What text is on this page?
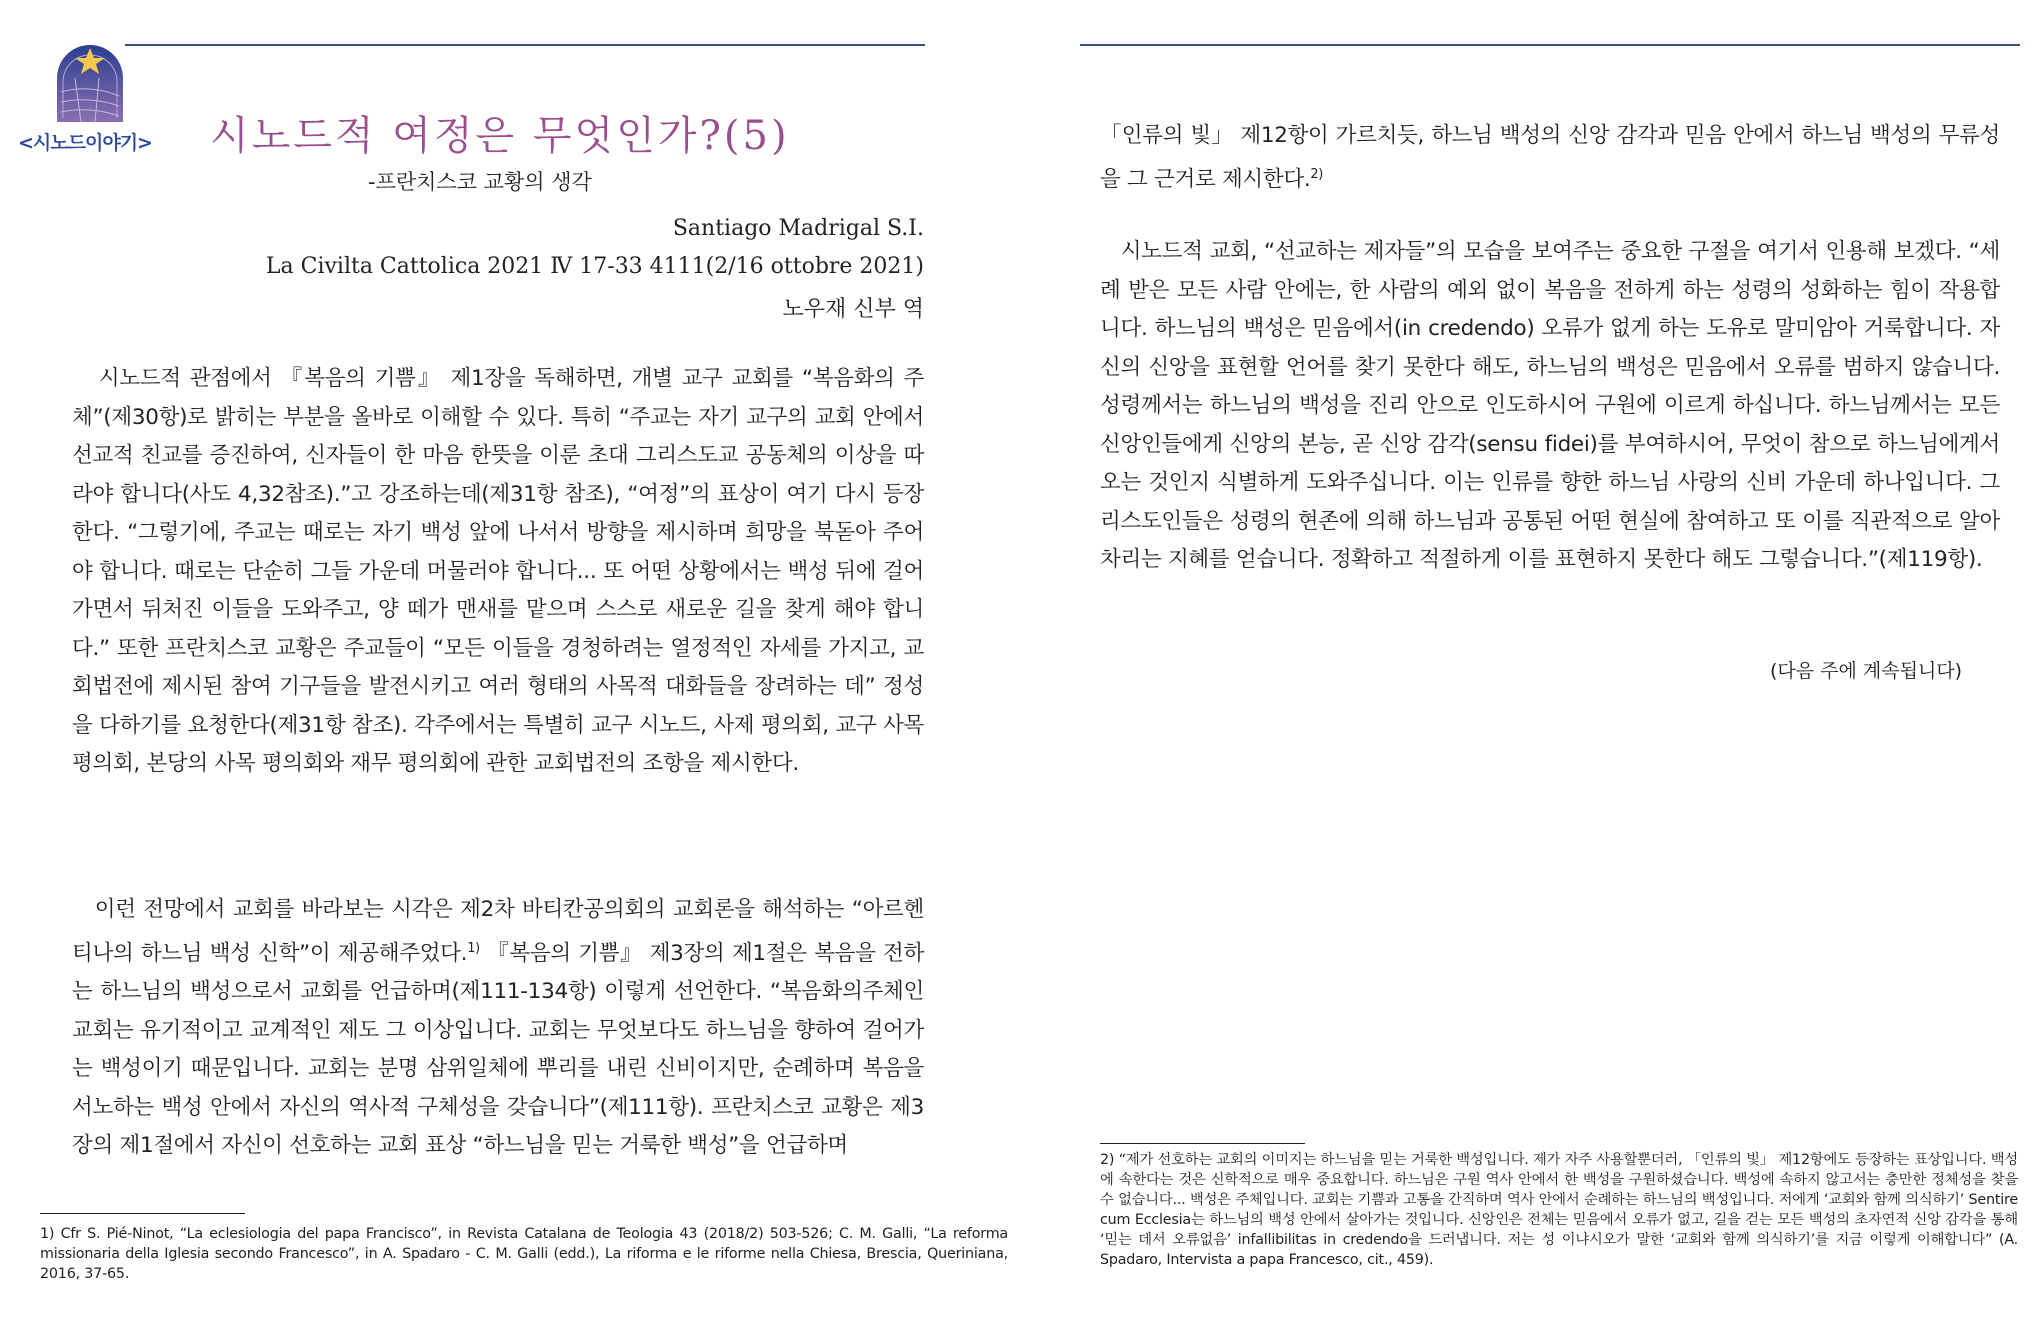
<시노드이야기>	시노드적 여정은 무엇인가?(5)

-프란치스코 교황의 생각

Santiago Madrigal S.I.

La Civilta Cattolica 2021 Ⅳ 17-33 4111(2/16 ottobre 2021)

노우재 신부 역

시노드적 관점에서 『복음의 기쁨』 제1장을 독해하면, 개별 교구 교회를 “복음화의 주체”(제30항)로 밝히는 부분을 올바로 이해할 수 있다. 특히 “주교는 자기 교구의 교회 안에서 선교적 친교를 증진하여, 신자들이 한 마음 한뜻을 이룬 초대 그리스도교 공동체의 이상을 따라야 합니다(사도 4,32참조).”고 강조하는데(제31항 참조), “여정”의 표상이 여기 다시 등장한다. “그렇기에, 주교는 때로는 자기 백성 앞에 나서서 방향을 제시하며 희망을 북돋아 주어야 합니다. 때로는 단순히 그들 가운데 머물러야 합니다... 또 어떤 상황에서는 백성 뒤에 걸어가면서 뒤처진 이들을 도와주고, 양 떼가 맨새를 맡으며 스스로 새로운 길을 찾게 해야 합니다.” 또한 프란치스코 교황은 주교들이 “모든 이들을 경청하려는 열정적인 자세를 가지고, 교회법전에 제시된 참여 기구들을 발전시키고 여러 형태의 사목적 대화들을 장려하는 데” 정성을 다하기를 요청한다(제31항 참조). 각주에서는 특별히 교구 시노드, 사제 평의회, 교구 사목 평의회, 본당의 사목 평의회와 재무 평의회에 관한 교회법전의 조항을 제시한다.

이런 전망에서 교회를 바라보는 시각은 제2차 바티칸공의회의 교회론을 해석하는 “아르헨티나의 하느님 백성 신학”이 제공해주었다.$^{1)}$ 『복음의 기쁨』 제3장의 제1절은 복음을 전하는 하느님의 백성으로서 교회를 언급하며(제111-134항) 이렇게 선언한다. “복음화의주체인 교회는 유기적이고 교계적인 제도 그 이상입니다. 교회는 무엇보다도 하느님을 향하여 걸어가는 백성이기 때문입니다. 교회는 분명 삼위일체에 뿌리를 내린 신비이지만, 순례하며 복음을 서노하는 백성 안에서 자신의 역사적 구체성을 갖습니다”(제111항). 프란치스코 교황은 제3장의 제1절에서 자신이 선호하는 교회 표상 “하느님을 믿는 거룩한 백성”을 언급하며

1) Cfr S. Pié-Ninot, “La eclesiologia del papa Francisco”, in Revista Catalana de Teologia 43 (2018/2) 503-526; C. M. Galli, “La reforma missionaria della Iglesia secondo Francesco”, in A. Spadaro - C. M. Galli (edd.), La riforma e le riforme nella Chiesa, Brescia, Queriniana, 2016, 37-65.

「인류의 빛」 제12항이 가르치듯, 하느님 백성의 신앙 감각과 믿음 안에서 하느님 백성의 무류성을 그 근거로 제시한다.$^{2)}$

시노드적 교회, “선교하는 제자들”의 모습을 보여주는 중요한 구절을 여기서 인용해 보겠다. “세례 받은 모든 사람 안에는, 한 사람의 예외 없이 복음을 전하게 하는 성령의 성화하는 힘이 작용합니다. 하느님의 백성은 믿음에서(in credendo) 오류가 없게 하는 도유로 말미암아 거룩합니다. 자신의 신앙을 표현할 언어를 찾기 못한다 해도, 하느님의 백성은 믿음에서 오류를 범하지 않습니다. 성령께서는 하느님의 백성을 진리 안으로 인도하시어 구원에 이르게 하십니다. 하느님께서는 모든 신앙인들에게 신앙의 본능, 곧 신앙 감각(sensu fidei)를 부여하시어, 무엇이 참으로 하느님에게서 오는 것인지 식별하게 도와주십니다. 이는 인류를 향한 하느님 사랑의 신비 가운데 하나입니다. 그리스도인들은 성령의 현존에 의해 하느님과 공통된 어떤 현실에 참여하고 또 이를 직관적으로 알아차리는 지혜를 얻습니다. 정확하고 적절하게 이를 표현하지 못한다 해도 그렇습니다.”(제119항).

(다음 주에 계속됩니다)

2) “제가 선호하는 교회의 이미지는 하느님을 믿는 거룩한 백성입니다. 제가 자주 사용할뿐더러, 「인류의 빛」 제12항에도 등장하는 표상입니다. 백성에 속한다는 것은 신학적으로 매우 중요합니다. 하느님은 구원 역사 안에서 한 백성을 구원하셨습니다. 백성에 속하지 않고서는 충만한 정체성을 찾을 수 없습니다... 백성은 주체입니다. 교회는 기쁨과 고통을 간직하며 역사 안에서 순례하는 하느님의 백성입니다. 저에게 ‘교회와 함께 의식하기’ Sentire cum Ecclesia는 하느님의 백성 안에서 살아가는 것입니다. 신앙인은 전체는 믿음에서 오류가 없고, 길을 걷는 모든 백성의 초자연적 신앙 감각을 통해 ‘믿는 데서 오류없음’ infallibilitas in credendo을 드러냅니다. 저는 성 이냐시오가 말한 ‘교회와 함께 의식하기’를 지금 이렇게 이해합니다” (A. Spadaro, Intervista a papa Francesco, cit., 459).
